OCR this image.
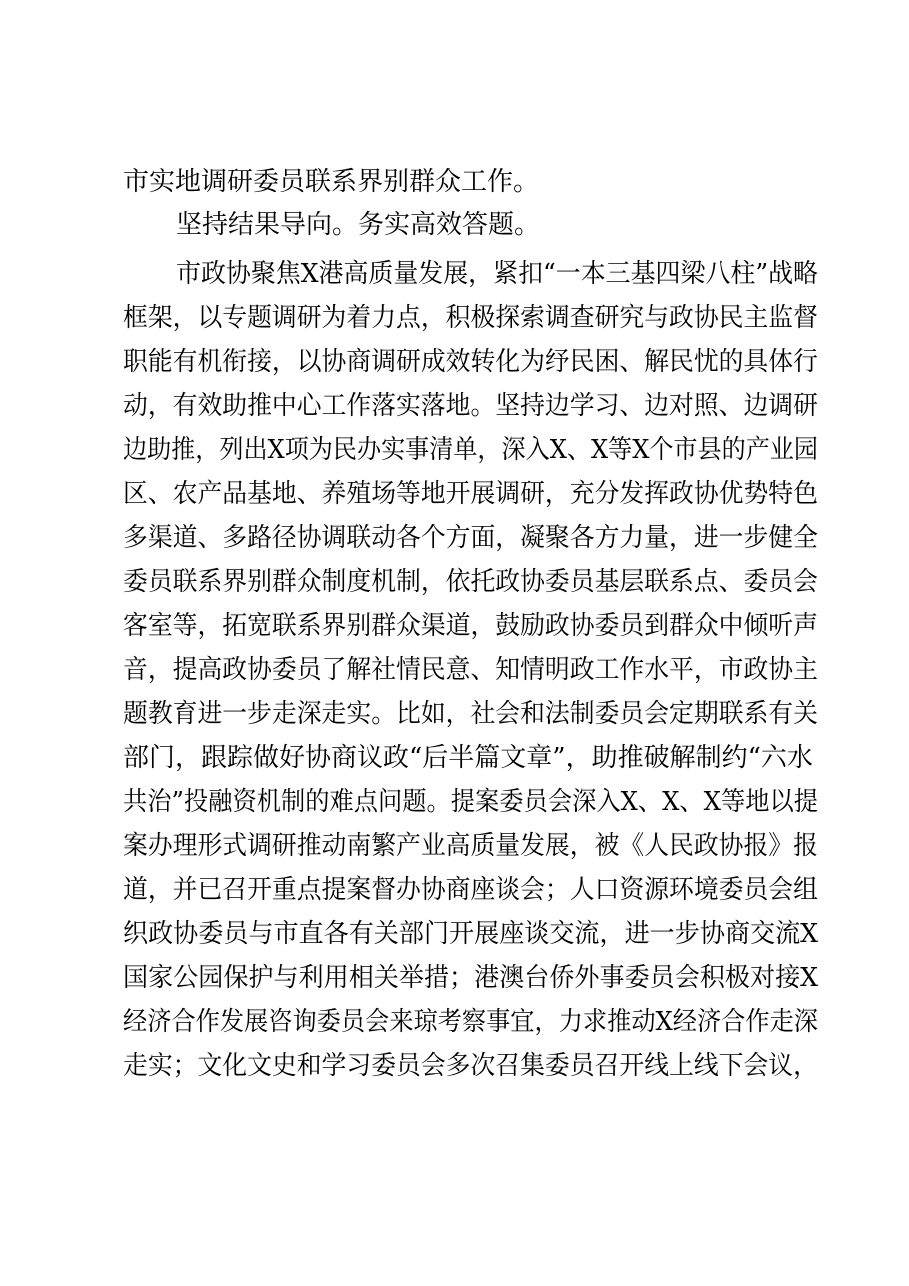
市实地调研委员联系界别群众工作。
坚持结果导向。务实高效答题。
市政协聚焦X港高质量发展，紧扣“一本三基四梁八柱”战略
框架，以专题调研为着力点，积极探索调查研究与政协民主监督
职能有机衔接，以协商调研成效转化为纾民困、解民忧的具体行
动，有效助推中心工作落实落地。坚持边学习、边对照、边调研
边助推，列出X项为民办实事清单，深入X、X等X个市县的产业园
区、农产品基地、养殖场等地开展调研，充分发挥政协优势特色
多渠道、多路径协调联动各个方面，凝聚各方力量，进一步健全
委员联系界别群众制度机制，依托政协委员基层联系点、委员会
客室等，拓宽联系界别群众渠道，鼓励政协委员到群众中倾听声
音，提高政协委员了解社情民意、知情明政工作水平，市政协主
题教育进一步走深走实。比如，社会和法制委员会定期联系有关
部门，跟踪做好协商议政“后半篇文章”，助推破解制约“六水
共治”投融资机制的难点问题。提案委员会深入X、X、X等地以提
案办理形式调研推动南繁产业高质量发展，被《人民政协报》报
道，并已召开重点提案督办协商座谈会；人口资源环境委员会组
织政协委员与市直各有关部门开展座谈交流，进一步协商交流X
国家公园保护与利用相关举措；港澳台侨外事委员会积极对接X
经济合作发展咨询委员会来琼考察事宜，力求推动X经济合作走深
走实；文化文史和学习委员会多次召集委员召开线上线下会议，
